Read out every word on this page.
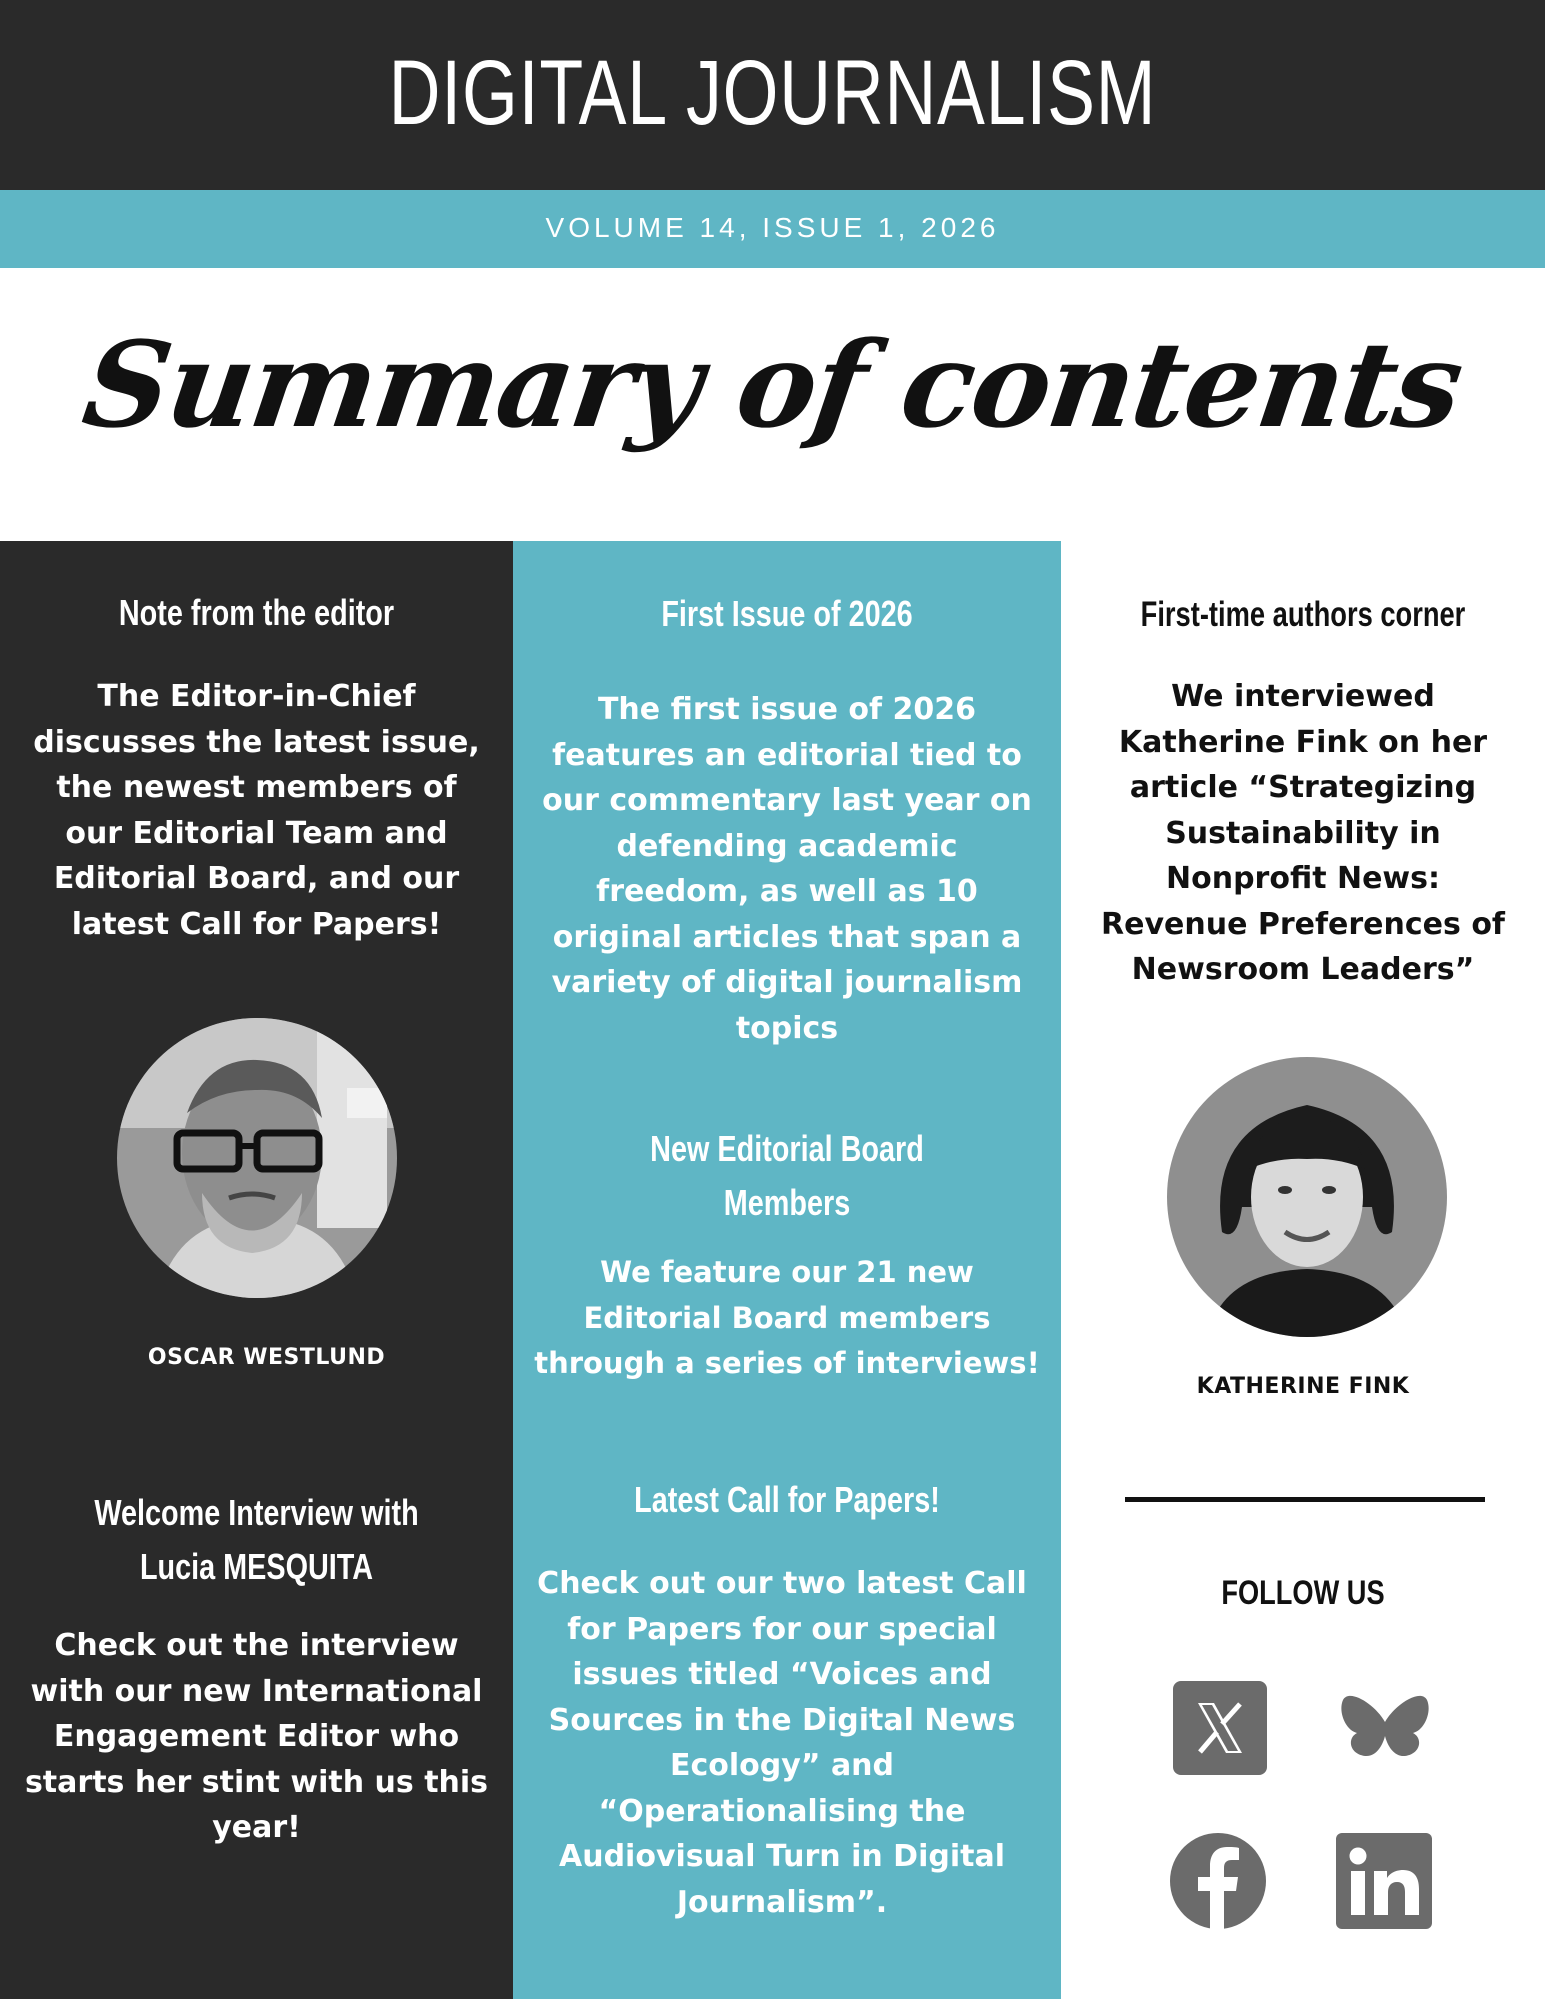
DIGITAL JOURNALISM
VOLUME 14, ISSUE 1, 2026
Summary of contents
Note from the editor
The Editor-in-Chief
discusses the latest issue,
the newest members of
our Editorial Team and
Editorial Board, and our
latest Call for Papers!
OSCAR WESTLUND
Welcome Interview with
Lucia MESQUITA
Check out the interview
with our new International
Engagement Editor who
starts her stint with us this
year!
First Issue of 2026
The first issue of 2026
features an editorial tied to
our commentary last year on
defending academic
freedom, as well as 10
original articles that span a
variety of digital journalism
topics
New Editorial Board
Members
We feature our 21 new
Editorial Board members
through a series of interviews!
Latest Call for Papers!
Check out our two latest Call
for Papers for our special
issues titled “Voices and
Sources in the Digital News
Ecology” and
“Operationalising the
Audiovisual Turn in Digital
Journalism”.
First-time authors corner
We interviewed
Katherine Fink on her
article “Strategizing
Sustainability in
Nonprofit News:
Revenue Preferences of
Newsroom Leaders”
KATHERINE FINK
FOLLOW US
